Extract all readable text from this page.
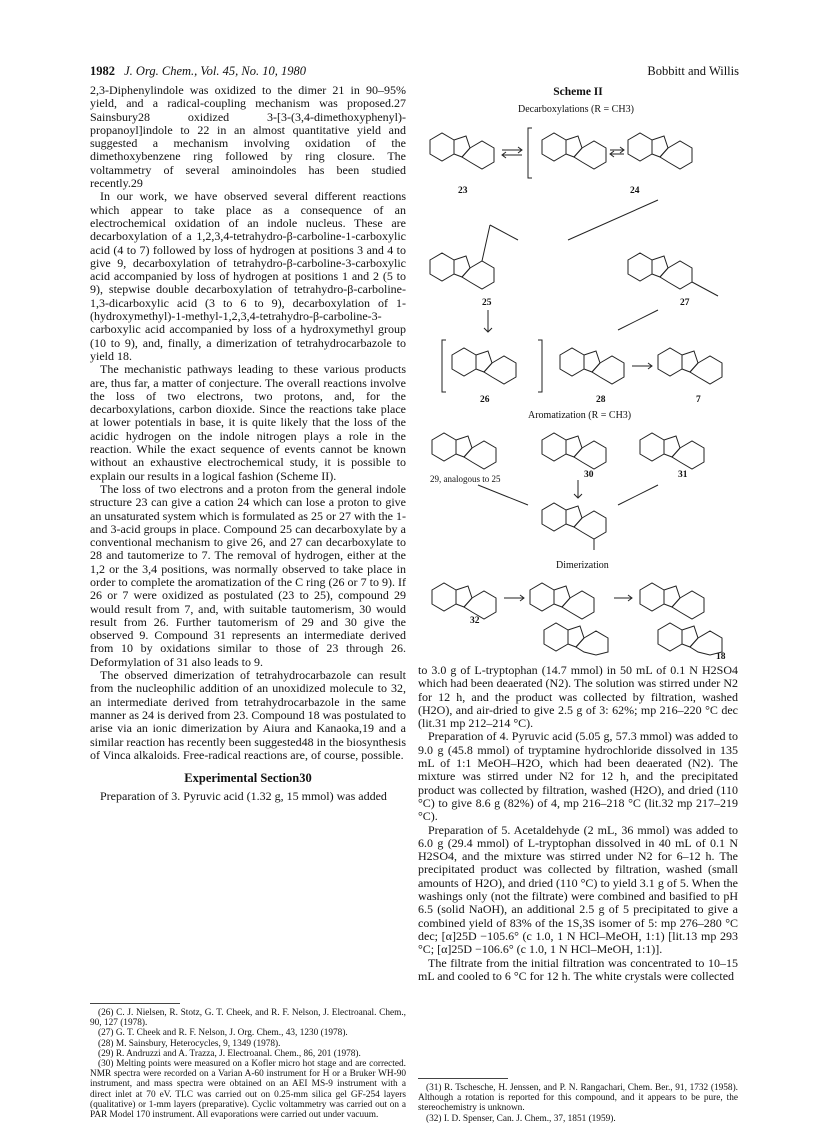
1982 J. Org. Chem., Vol. 45, No. 10, 1980	Bobbitt and Willis

2,3-Diphenylindole was oxidized to the dimer 21 in 90–95% yield, and a radical-coupling mechanism was proposed.27 Sainsbury28 oxidized 3-[3-(3,4-dimethoxyphenyl)-propanoyl]indole to 22 in an almost quantitative yield and suggested a mechanism involving oxidation of the dimethoxybenzene ring followed by ring closure. The voltammetry of several aminoindoles has been studied recently.29

In our work, we have observed several different reactions which appear to take place as a consequence of an electrochemical oxidation of an indole nucleus. These are decarboxylation of a 1,2,3,4-tetrahydro-β-carboline-1-carboxylic acid (4 to 7) followed by loss of hydrogen at positions 3 and 4 to give 9, decarboxylation of tetrahydro-β-carboline-3-carboxylic acid accompanied by loss of hydrogen at positions 1 and 2 (5 to 9), stepwise double decarboxylation of tetrahydro-β-carboline-1,3-dicarboxylic acid (3 to 6 to 9), decarboxylation of 1-(hydroxymethyl)-1-methyl-1,2,3,4-tetrahydro-β-carboline-3-carboxylic acid accompanied by loss of a hydroxymethyl group (10 to 9), and, finally, a dimerization of tetrahydrocarbazole to yield 18.

The mechanistic pathways leading to these various products are, thus far, a matter of conjecture. The overall reactions involve the loss of two electrons, two protons, and, for the decarboxylations, carbon dioxide. Since the reactions take place at lower potentials in base, it is quite likely that the loss of the acidic hydrogen on the indole nitrogen plays a role in the reaction. While the exact sequence of events cannot be known without an exhaustive electrochemical study, it is possible to explain our results in a logical fashion (Scheme II).

The loss of two electrons and a proton from the general indole structure 23 can give a cation 24 which can lose a proton to give an unsaturated system which is formulated as 25 or 27 with the 1- and 3-acid groups in place. Compound 25 can decarboxylate by a conventional mechanism to give 26, and 27 can decarboxylate to 28 and tautomerize to 7. The removal of hydrogen, either at the 1,2 or the 3,4 positions, was normally observed to take place in order to complete the aromatization of the C ring (26 or 7 to 9). If 26 or 7 were oxidized as postulated (23 to 25), compound 29 would result from 7, and, with suitable tautomerism, 30 would result from 26. Further tautomerism of 29 and 30 give the observed 9. Compound 31 represents an intermediate derived from 10 by oxidations similar to those of 23 through 26. Deformylation of 31 also leads to 9.

The observed dimerization of tetrahydrocarbazole can result from the nucleophilic addition of an unoxidized molecule to 32, an intermediate derived from tetrahydrocarbazole in the same manner as 24 is derived from 23. Compound 18 was postulated to arise via an ionic dimerization by Aiura and Kanaoka,19 and a similar reaction has recently been suggested48 in the biosynthesis of Vinca alkaloids. Free-radical reactions are, of course, possible.

Experimental Section30

Preparation of 3. Pyruvic acid (1.32 g, 15 mmol) was added

Scheme II
Decarboxylations (R = CH3)
Aromatization (R = CH3)
Dimerization
23	24
25	27
26	28	7
29, analogous to 25	30	31
32
18

to 3.0 g of L-tryptophan (14.7 mmol) in 50 mL of 0.1 N H2SO4 which had been deaerated (N2). The solution was stirred under N2 for 12 h, and the product was collected by filtration, washed (H2O), and air-dried to give 2.5 g of 3: 62%; mp 216–220 °C dec (lit.31 mp 212–214 °C).

Preparation of 4. Pyruvic acid (5.05 g, 57.3 mmol) was added to 9.0 g (45.8 mmol) of tryptamine hydrochloride dissolved in 135 mL of 1:1 MeOH–H2O, which had been deaerated (N2). The mixture was stirred under N2 for 12 h, and the precipitated product was collected by filtration, washed (H2O), and dried (110 °C) to give 8.6 g (82%) of 4, mp 216–218 °C (lit.32 mp 217–219 °C).

Preparation of 5. Acetaldehyde (2 mL, 36 mmol) was added to 6.0 g (29.4 mmol) of L-tryptophan dissolved in 40 mL of 0.1 N H2SO4, and the mixture was stirred under N2 for 6–12 h. The precipitated product was collected by filtration, washed (small amounts of H2O), and dried (110 °C) to yield 3.1 g of 5. When the washings only (not the filtrate) were combined and basified to pH 6.5 (solid NaOH), an additional 2.5 g of 5 precipitated to give a combined yield of 83% of the 1S,3S isomer of 5: mp 276–280 °C dec; [α]25D −105.6° (c 1.0, 1 N HCl–MeOH, 1:1) [lit.13 mp 293 °C; [α]25D −106.6° (c 1.0, 1 N HCl–MeOH, 1:1)].

The filtrate from the initial filtration was concentrated to 10–15 mL and cooled to 6 °C for 12 h. The white crystals were collected

(26) C. J. Nielsen, R. Stotz, G. T. Cheek, and R. F. Nelson, J. Electroanal. Chem., 90, 127 (1978).

(27) G. T. Cheek and R. F. Nelson, J. Org. Chem., 43, 1230 (1978).

(28) M. Sainsbury, Heterocycles, 9, 1349 (1978).

(29) R. Andruzzi and A. Trazza, J. Electroanal. Chem., 86, 201 (1978).

(30) Melting points were measured on a Kofler micro hot stage and are corrected. NMR spectra were recorded on a Varian A-60 instrument for H or a Bruker WH-90 instrument, and mass spectra were obtained on an AEI MS-9 instrument with a direct inlet at 70 eV. TLC was carried out on 0.25-mm silica gel GF-254 layers (qualitative) or 1-mm layers (preparative). Cyclic voltammetry was carried out on a PAR Model 170 instrument. All evaporations were carried out under vacuum.

(31) R. Tschesche, H. Jenssen, and P. N. Rangachari, Chem. Ber., 91, 1732 (1958). Although a rotation is reported for this compound, and it appears to be pure, the stereochemistry is unknown.

(32) I. D. Spenser, Can. J. Chem., 37, 1851 (1959).
